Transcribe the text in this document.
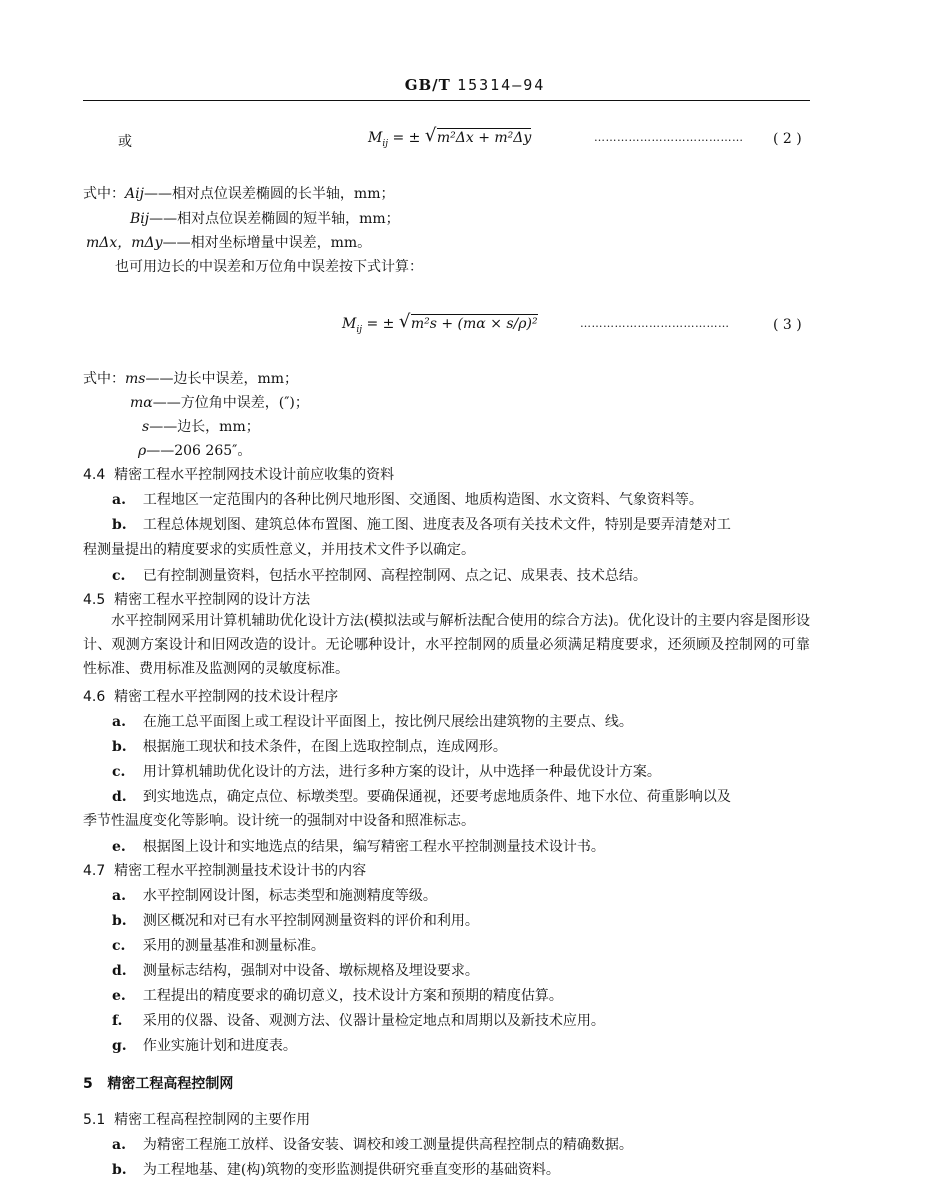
GB/T 15314—94
或	$M_{ij}$ = ± √ m²Δx + m²Δy	………………………………… ( 2 )
式中：Aij——相对点位误差椭圆的长半轴，mm；
Bij——相对点位误差椭圆的短半轴，mm；
mΔx，mΔy——相对坐标增量中误差，mm。
也可用边长的中误差和万位角中误差按下式计算：
$M_{ij}$ = ± √ m²s + (mα × s/ρ)²	…………………………………	( 3 )
式中：ms——边长中误差，mm；
mα——方位角中误差，(″)；
s——边长，mm；
ρ——206 265″。
4.4 精密工程水平控制网技术设计前应收集的资料
a. 工程地区一定范围内的各种比例尺地形图、交通图、地质构造图、水文资料、气象资料等。
b. 工程总体规划图、建筑总体布置图、施工图、进度表及各项有关技术文件，特别是要弄清楚对工
程测量提出的精度要求的实质性意义，并用技术文件予以确定。
c. 已有控制测量资料，包括水平控制网、高程控制网、点之记、成果表、技术总结。
4.5 精密工程水平控制网的设计方法
水平控制网采用计算机辅助优化设计方法(模拟法或与解析法配合使用的综合方法)。优化设计的主要内容是图形设计、观测方案设计和旧网改造的设计。无论哪种设计，水平控制网的质量必须满足精度要求，还须顾及控制网的可靠性标准、费用标准及监测网的灵敏度标准。
4.6 精密工程水平控制网的技术设计程序
a. 在施工总平面图上或工程设计平面图上，按比例尺展绘出建筑物的主要点、线。
b. 根据施工现状和技术条件，在图上选取控制点，连成网形。
c. 用计算机辅助优化设计的方法，进行多种方案的设计，从中选择一种最优设计方案。
d. 到实地选点，确定点位、标墩类型。要确保通视，还要考虑地质条件、地下水位、荷重影响以及
季节性温度变化等影响。设计统一的强制对中设备和照准标志。
e. 根据图上设计和实地选点的结果，编写精密工程水平控制测量技术设计书。
4.7 精密工程水平控制测量技术设计书的内容
a. 水平控制网设计图，标志类型和施测精度等级。
b. 测区概况和对已有水平控制网测量资料的评价和利用。
c. 采用的测量基准和测量标准。
d. 测量标志结构，强制对中设备、墩标规格及埋设要求。
e. 工程提出的精度要求的确切意义，技术设计方案和预期的精度估算。
f. 采用的仪器、设备、观测方法、仪器计量检定地点和周期以及新技术应用。
g. 作业实施计划和进度表。
5 精密工程高程控制网
5.1 精密工程高程控制网的主要作用
a. 为精密工程施工放样、设备安装、调校和竣工测量提供高程控制点的精确数据。
b. 为工程地基、建(构)筑物的变形监测提供研究垂直变形的基础资料。
